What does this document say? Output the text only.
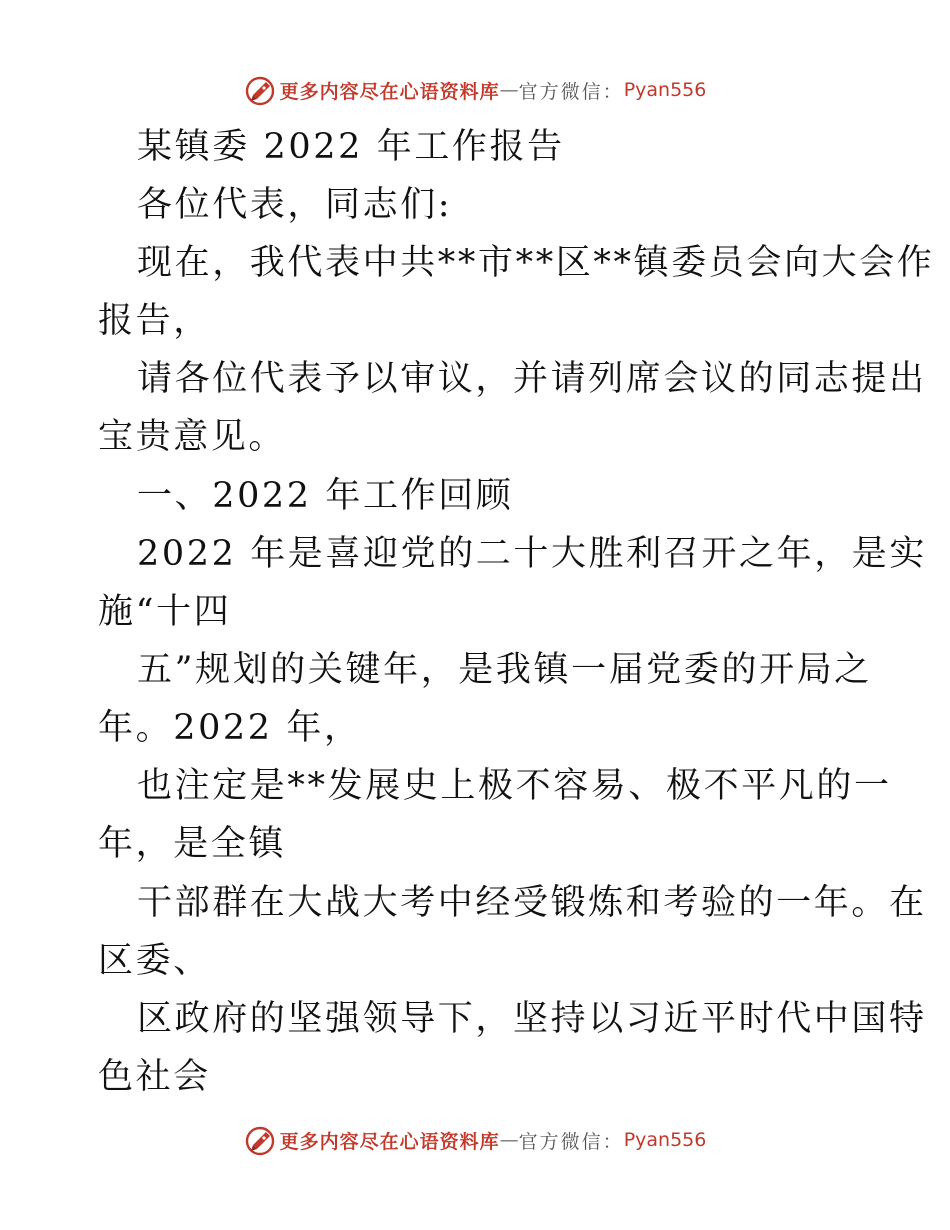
更多内容尽在心语资料库 — 官方微信： Pyan556
某镇委 2022 年工作报告
各位代表，同志们:
现在，我代表中共**市**区**镇委员会向大会作
报告，
请各位代表予以审议，并请列席会议的同志提出
宝贵意见。
一、2022 年工作回顾
2022 年是喜迎党的二十大胜利召开之年，是实
施“十四
五”规划的关键年，是我镇一届党委的开局之
年。2022 年，
也注定是**发展史上极不容易、极不平凡的一
年，是全镇
干部群在大战大考中经受锻炼和考验的一年。在
区委、
区政府的坚强领导下，坚持以习近平时代中国特
色社会
更多内容尽在心语资料库 — 官方微信： Pyan556
